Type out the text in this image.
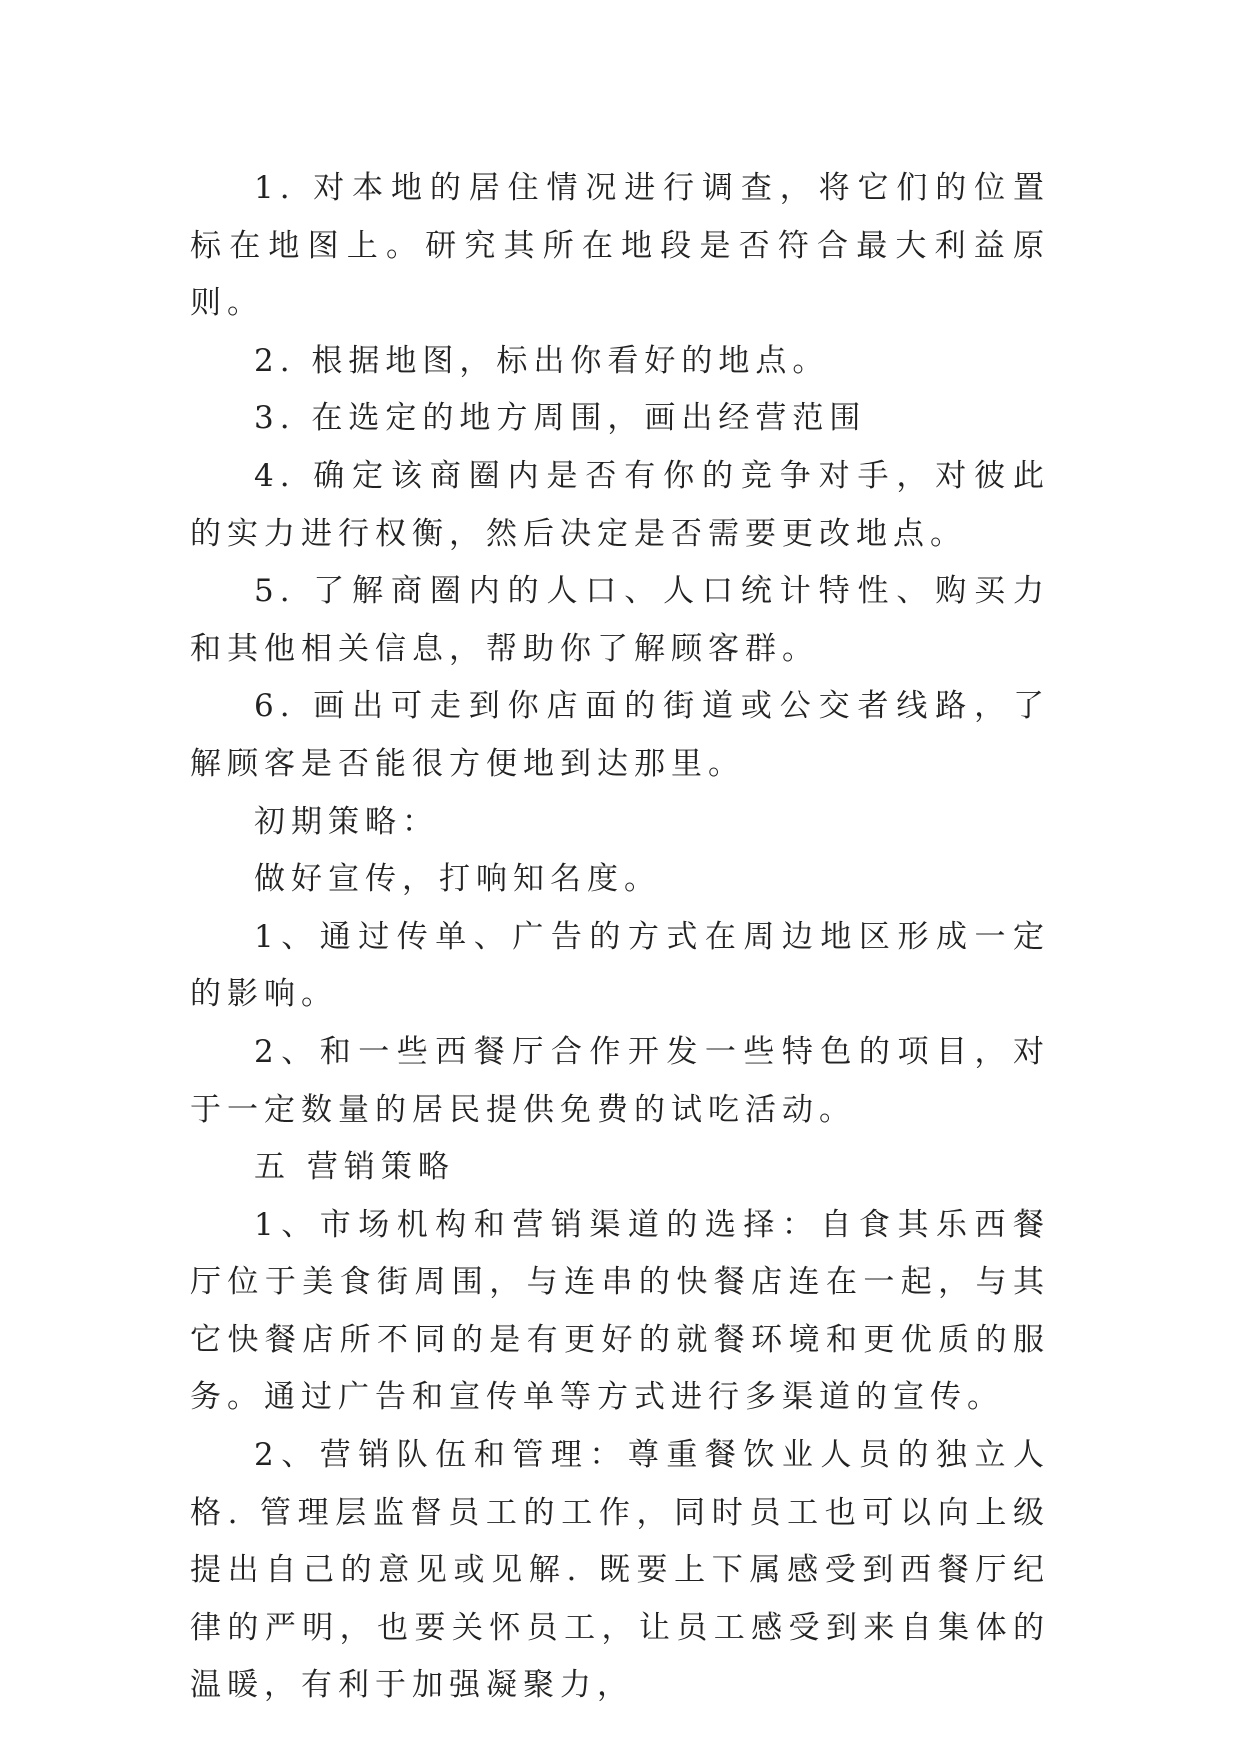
1. 对本地的居住情况进行调查，将它们的位置标在地图上。研究其所在地段是否符合最大利益原则。

2. 根据地图，标出你看好的地点。

3. 在选定的地方周围，画出经营范围

4. 确定该商圈内是否有你的竞争对手，对彼此的实力进行权衡，然后决定是否需要更改地点。

5. 了解商圈内的人口、人口统计特性、购买力和其他相关信息，帮助你了解顾客群。

6. 画出可走到你店面的街道或公交者线路，了解顾客是否能很方便地到达那里。

初期策略：

做好宣传，打响知名度。

1、通过传单、广告的方式在周边地区形成一定的影响。

2、和一些西餐厅合作开发一些特色的项目，对于一定数量的居民提供免费的试吃活动。

五 营销策略

1、市场机构和营销渠道的选择：自食其乐西餐厅位于美食街周围，与连串的快餐店连在一起，与其它快餐店所不同的是有更好的就餐环境和更优质的服务。通过广告和宣传单等方式进行多渠道的宣传。

2、营销队伍和管理：尊重餐饮业人员的独立人格. 管理层监督员工的工作，同时员工也可以向上级提出自己的意见或见解. 既要上下属感受到西餐厅纪律的严明，也要关怀员工，让员工感受到来自集体的温暖，有利于加强凝聚力，
